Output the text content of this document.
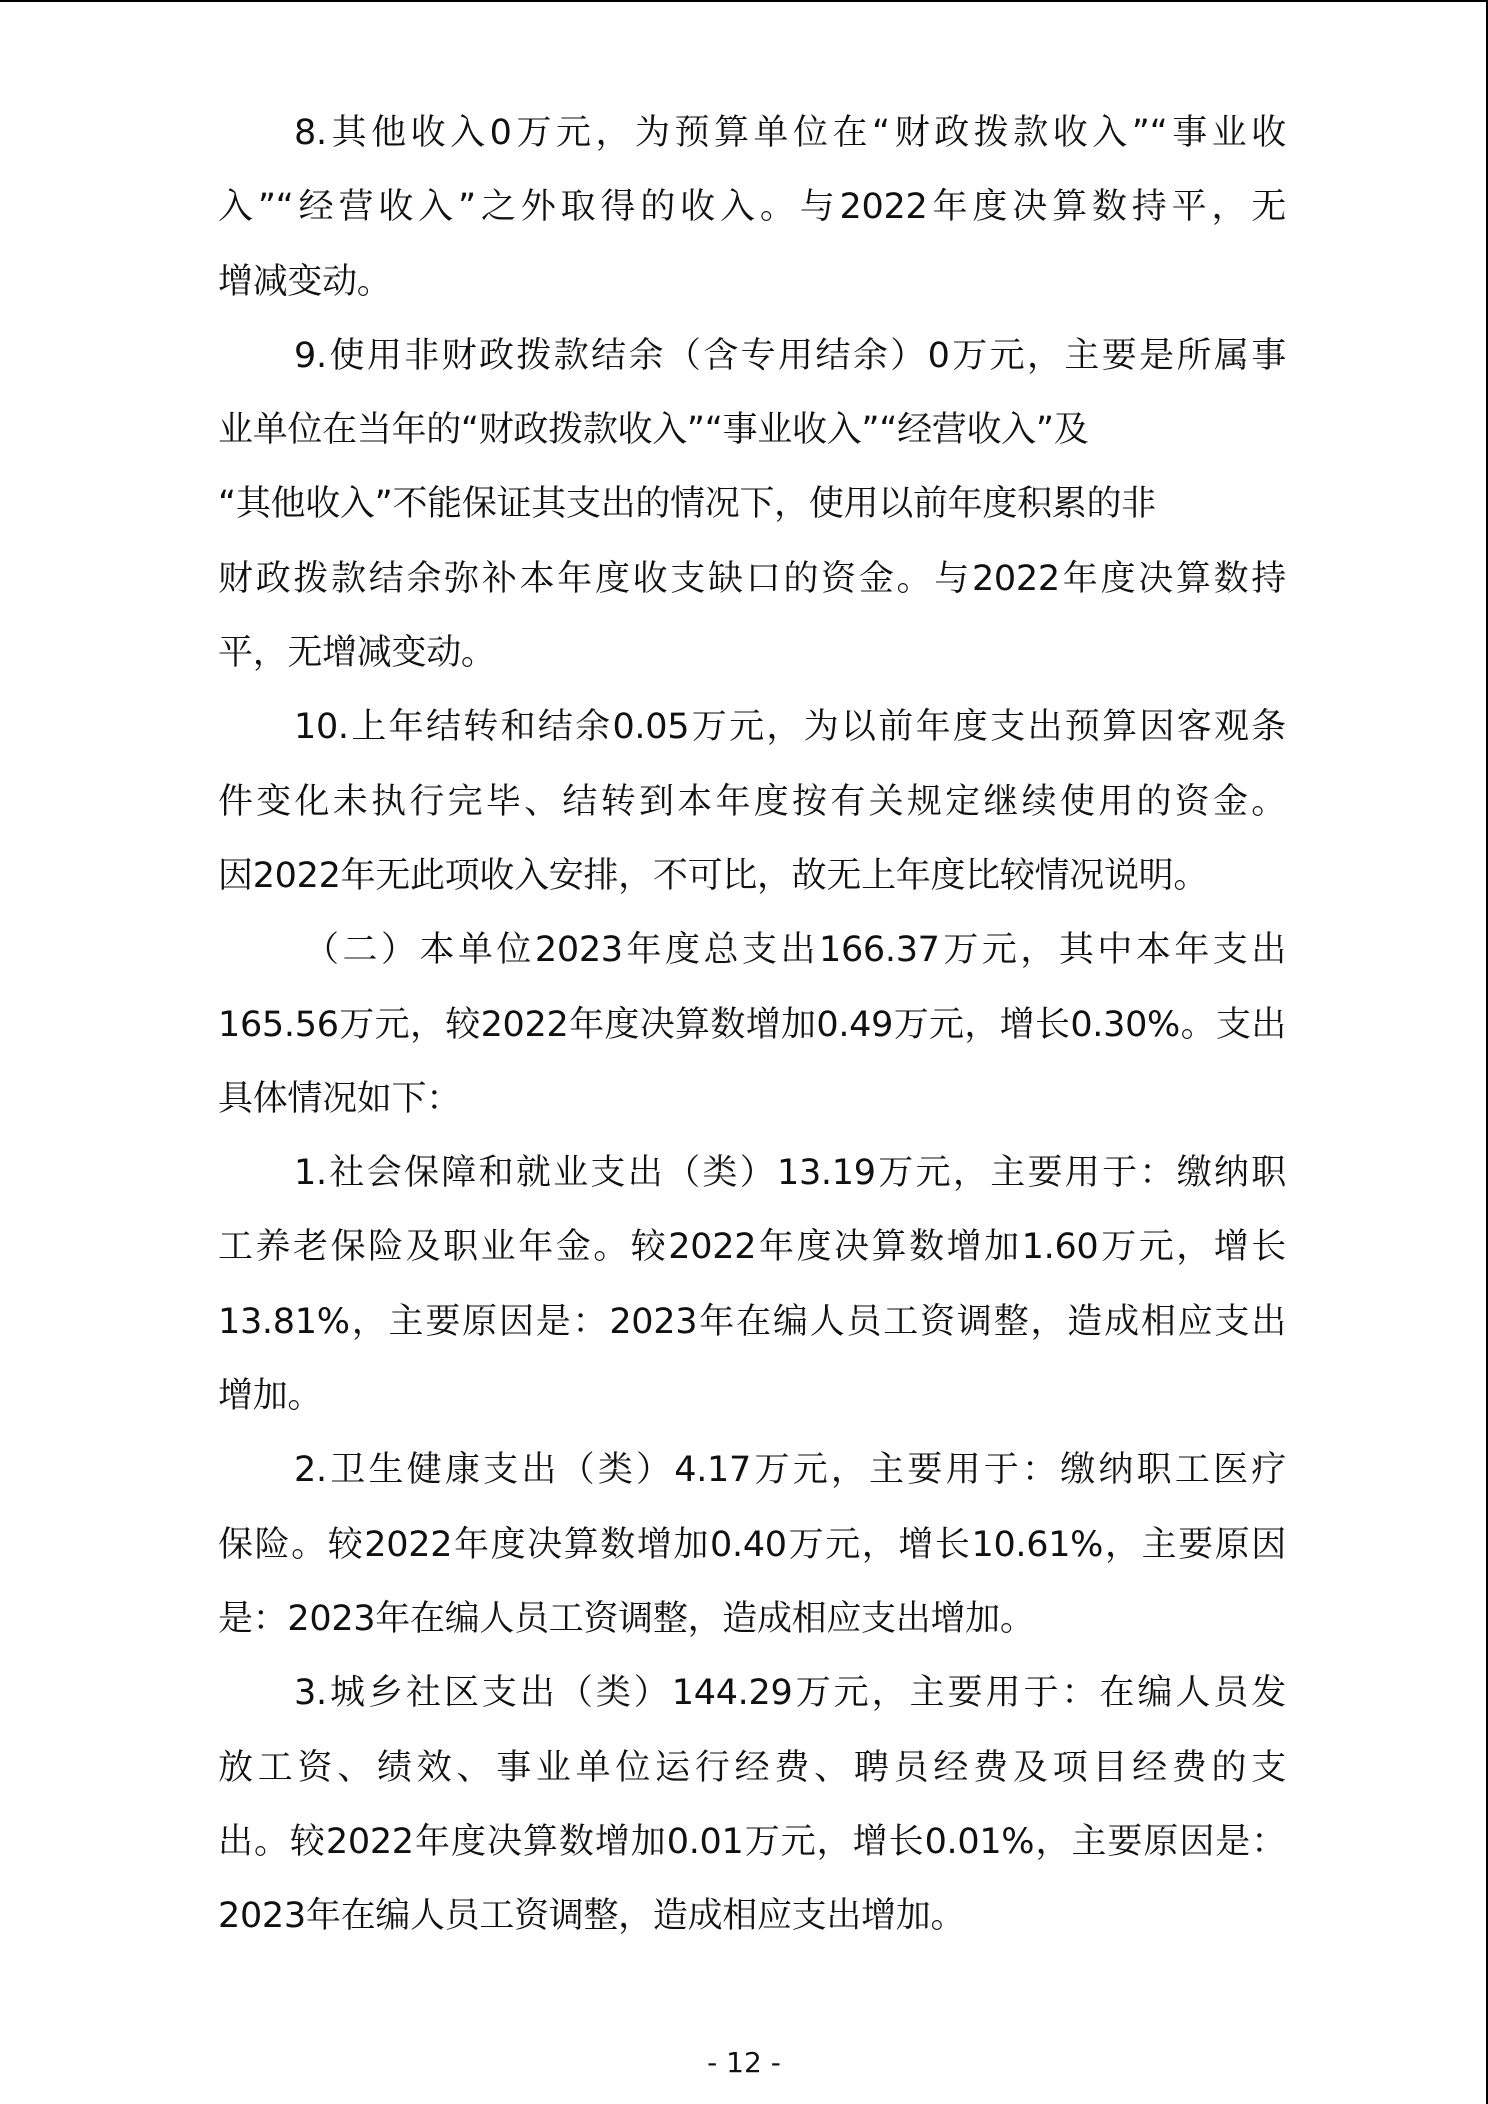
8.其他收入0万元，为预算单位在“财政拨款收入”“事业收
入”“经营收入”之外取得的收入。与2022年度决算数持平，无
增减变动。

9.使用非财政拨款结余（含专用结余）0万元，主要是所属事
业单位在当年的“财政拨款收入”“事业收入”“经营收入”及
“其他收入”不能保证其支出的情况下，使用以前年度积累的非
财政拨款结余弥补本年度收支缺口的资金。与2022年度决算数持
平，无增减变动。

10.上年结转和结余0.05万元，为以前年度支出预算因客观条
件变化未执行完毕、结转到本年度按有关规定继续使用的资金。
因2022年无此项收入安排，不可比，故无上年度比较情况说明。

（二）本单位2023年度总支出166.37万元，其中本年支出
165.56万元，较2022年度决算数增加0.49万元，增长0.30%。支出
具体情况如下：

1.社会保障和就业支出（类）13.19万元，主要用于：缴纳职
工养老保险及职业年金。较2022年度决算数增加1.60万元，增长
13.81%，主要原因是：2023年在编人员工资调整，造成相应支出
增加。

2.卫生健康支出（类）4.17万元，主要用于：缴纳职工医疗
保险。较2022年度决算数增加0.40万元，增长10.61%，主要原因
是：2023年在编人员工资调整，造成相应支出增加。

3.城乡社区支出（类）144.29万元，主要用于：在编人员发
放工资、绩效、事业单位运行经费、聘员经费及项目经费的支
出。较2022年度决算数增加0.01万元，增长0.01%，主要原因是：
2023年在编人员工资调整，造成相应支出增加。

- 12 -
